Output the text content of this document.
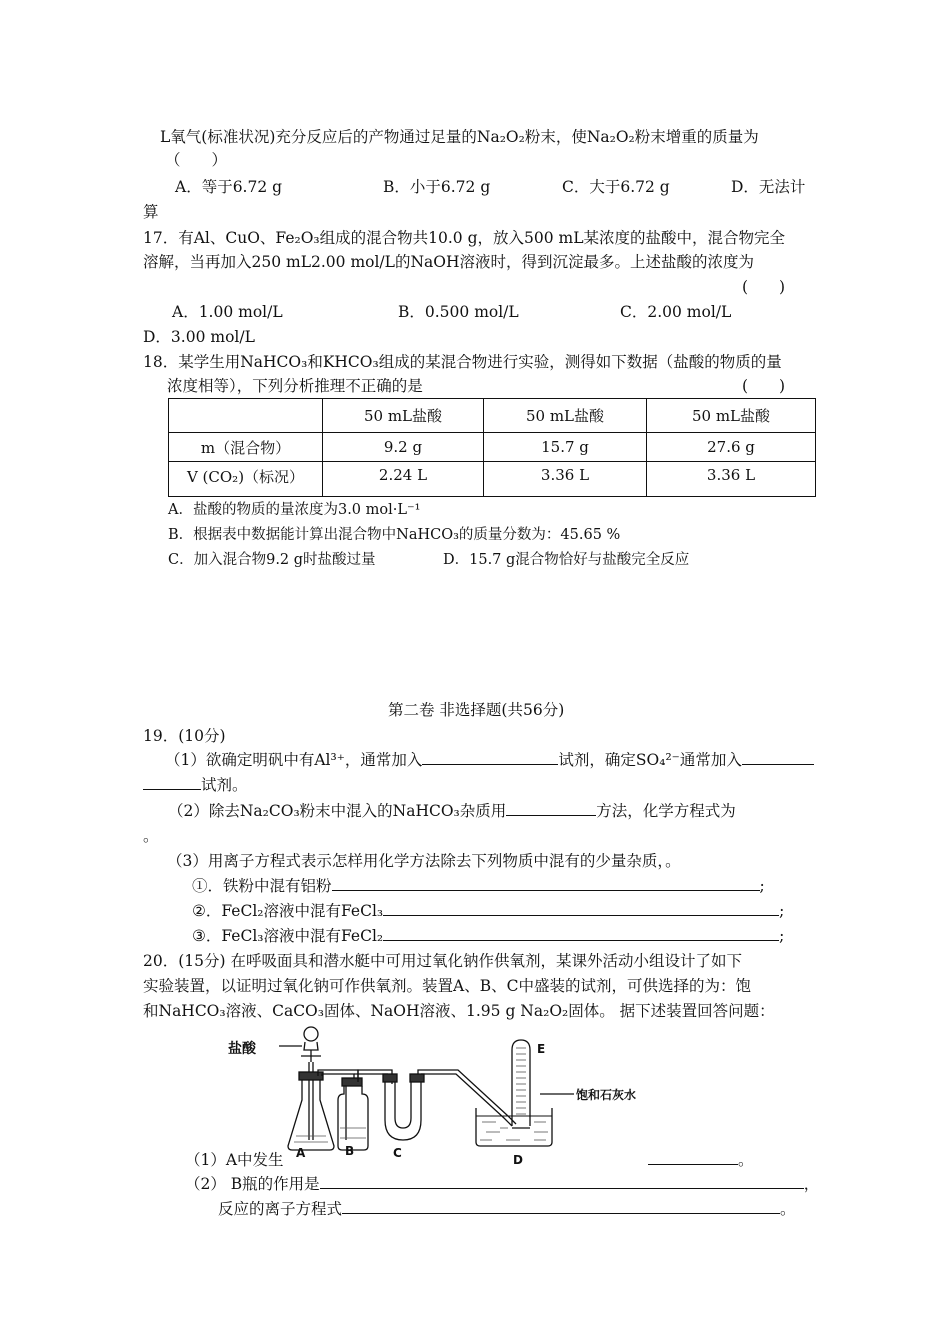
L氧气(标准状况)充分反应后的产物通过足量的Na₂O₂粉末，使Na₂O₂粉末增重的质量为
（　　）
A．等于6.72 g	B．小于6.72 g	C．大于6.72 g	D．无法计
算
17．有Al、CuO、Fe₂O₃组成的混合物共10.0 g，放入500 mL某浓度的盐酸中，混合物完全
溶解，当再加入250 mL2.00 mol/L的NaOH溶液时，得到沉淀最多。上述盐酸的浓度为
(　　)
A．1.00 mol/L	B．0.500 mol/L	C．2.00 mol/L
D．3.00 mol/L
18．某学生用NaHCO₃和KHCO₃组成的某混合物进行实验，测得如下数据（盐酸的物质的量
浓度相等），下列分析推理不正确的是	(　　)
	50 mL盐酸	50 mL盐酸	50 mL盐酸
m（混合物）	9.2 g	15.7 g	27.6 g
V (CO₂)（标况）	2.24 L	3.36 L	3.36 L
A．盐酸的物质的量浓度为3.0 mol·L⁻¹
B．根据表中数据能计算出混合物中NaHCO₃的质量分数为：45.65 %
C．加入混合物9.2 g时盐酸过量	D．15.7 g混合物恰好与盐酸完全反应
第二卷 非选择题(共56分)
19．(10分)
（1）欲确定明矾中有Al³⁺，通常加入	试剂，确定SO₄²⁻通常加入
试剂。
（2）除去Na₂CO₃粉末中混入的NaHCO₃杂质用	方法，化学方程式为
。
（3）用离子方程式表示怎样用化学方法除去下列物质中混有的少量杂质，。
①．铁粉中混有铝粉	;
②．FeCl₂溶液中混有FeCl₃	;
③．FeCl₃溶液中混有FeCl₂	;
20．(15分) 在呼吸面具和潜水艇中可用过氧化钠作供氧剂，某课外活动小组设计了如下
实验装置，以证明过氧化钠可作供氧剂。装置A、B、C中盛装的试剂，可供选择的为：饱
和NaHCO₃溶液、CaCO₃固体、NaOH溶液、1.95 g Na₂O₂固体。 据下述装置回答问题：
盐酸
A	B	C	D
E
饱和石灰水
（1）A中发生	。
（2） B瓶的作用是	，
反应的离子方程式	。
